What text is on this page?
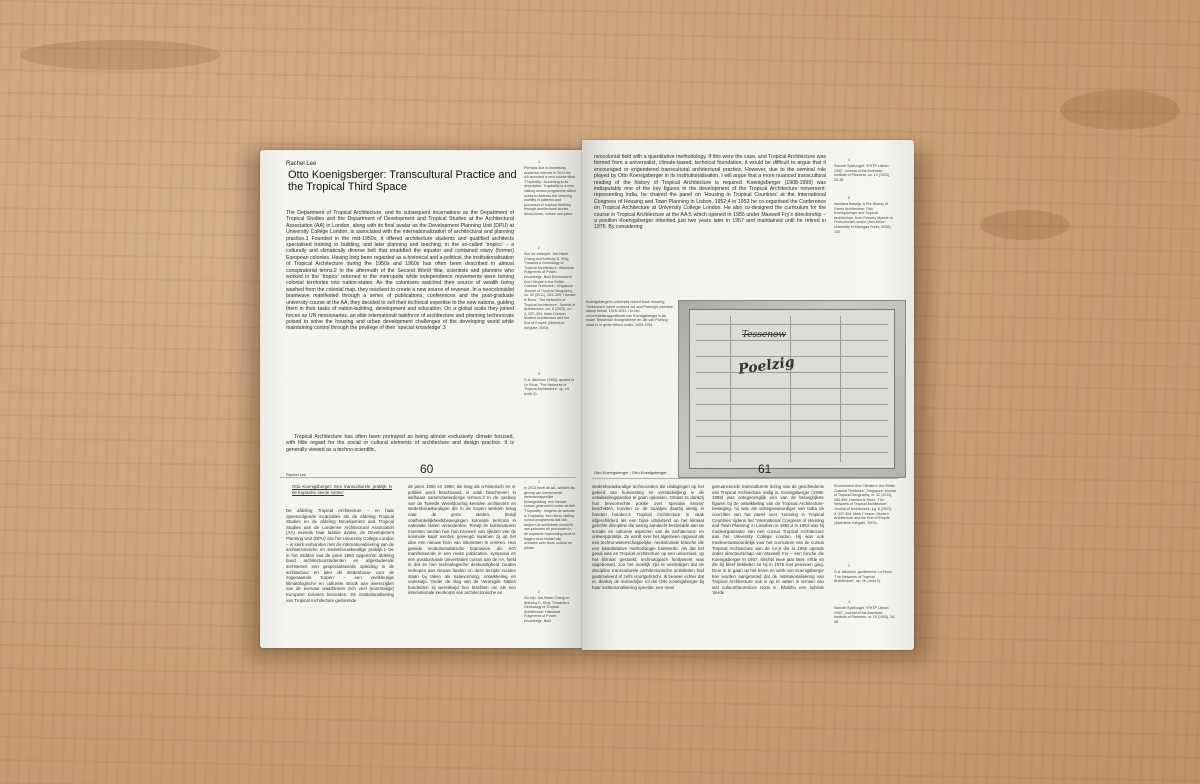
Rachel Lee
Otto Koenigsberger: Transcultural Practice and the Tropical Third Space
The Department of Tropical Architecture, and its subsequent incarnations as the Department of Tropical Studies and the Department of Development and Tropical Studies at the Architectural Association (AA) in London, along with its final avatar as the Development Planning Unit (DPU) at University College London, is associated with the internationalization of architectural and planning practice.1 Founded in the mid-1950s, it offered architecture students and qualified architects specialised training in building, and later planning and teaching, in the so-called ‘tropics’ – a culturally and climatically diverse belt that straddled the equator and contained many (former) European colonies. Having long been regarded as a-historical and a-political, the institutionalisation of Tropical Architecture during the 1950s and 1960s has often been described in almost conspiratorial terms.2 In the aftermath of the Second World War, scientists and planners who worked in the ‘tropics’ returned to the metropolis while independence movements were turning colonial territories into nation-states. As the colonisers watched their source of wealth being washed from the colonial map, they resolved to create a new source of revenue. In a neocolonialist brainwave manifested through a series of publications, conferences and the post-graduate university course at the AA, they decided to sell their technical expertise to the new nations, guiding them in their tasks of nation-building, development and education. On a global scale they joined forces as UN missionaries, an elite international taskforce of architecture and planning technocrats poised to solve the housing and urban development challenges of the developing world while maintaining control through the privilege of their ‘special knowledge’.3
Tropical Architecture has often been portrayed as being almost exclusively climate focused, with little regard for the social or cultural elements of architecture and design practice. It is generally viewed as a techno-scientific,
1
Perhaps due to increasing academic interest in 2012 the AA launched a new course titled ‘Tropicality’. According to its description, Tropicality is a new visiting school programme which seeks to address the seeming inability of patterns and processes in tropical dwelling through architectural stories about home, culture and place.
2
See for example: Jiat-Hwee Chang and Anthony D. King, ‘Towards a Genealogy of Tropical Architecture: Historical Fragments of Power-Knowledge, Built Environment And Climate in the British Colonial Territories’, Singapore Journal of Tropical Geography, no. 32 (2011), 283–300; Hannah le Roux, ‘The Networks of Tropical Architecture’, Journal of Architecture, vol. 8 (2003), no. 3, 337–354; Mark Crinson, Modern Architecture and the End of Empire (Aldershot: Ashgate, 2003).
3
G.A. Atkinson (1953), quoted in Le Roux, ‘The Networks of Tropical Architecture’, op. cit. (note 2).
60
Rachel Lee
Otto Koenigsberger: Een transculturele praktijk in de tropische ‘derde ruimte’
De afdeling Tropical Architecture – en haar opeenvolgende incarnaties als de afdeling Tropical Studies en de afdeling Development and Tropical Studies aan de Londense Architectural Association (AA) evenals haar laatste avatar, de Development Planning Unit (DPU) van het University College London – is sterk verbonden met de internationalisering van de architectonische en stedenbouwkundige praktijk.1 De in het midden van de jaren 1950 opgerichte afdeling bood architectuurstudenten en afgestudeerde architecten een gespecialiseerde opleiding in de architectuur en later de stedenbouw voor de zogenaamde ‘tropen’ – een veelkleurige klimatologische en culturele strook aan weerszijden van de evenaar waarbinnen zich veel (voormalige) Europese kolonies bevonden. De institutionalisering van Tropical Architecture gedurende
de jaren 1950 en 1960, die lang als a-historisch en a-politiek werd beschouwd, is vaak beschreven in welhaast samenzweerderige termen.2 In de nasleep van de Tweede Wereldoorlog keerden architecten en stedenbouwkundigen die in de tropen werkten terug naar de grote steden, terwijl onafhankelijkheidsbewegingen koloniale territoria in nationale staten veranderden. Terwijl de kolonisatoren moesten toezien hoe hun bronnen van rijkdom van de koloniale kaart werden geveegd, kwamen zij op het idee een nieuwe bron van inkomsten te creëren. Hun geniale neokolonialistische brainwave, die zich manifesteerde in een reeks publicaties, symposia en een postdoctorale universitaire cursus aan de AA, hield in dat ze hun technologische deskundigheid zouden verkopen aan nieuwe landen en deze terzijde zouden staan bij taken als natievorming, ontwikkeling en onderwijs. Onder de vlag van de Verenigde Naties bundelden zij wereldwijd hun krachten om als een internationale keurkorps van architectonische en
1
In 2013 heeft de AA, wellicht als gevolg van toenemende wetenschappelijke belangstelling, een nieuwe cursus gelanceerd onder de titel ‘Tropicality’. Volgens de website is Tropicality ‘een nieuw visiting school-programma dat zich beijvert de schijnbare onmacht van patronen en processen in de tropische huisvesting bloot te leggen door middel van verhalen over thuis, cultuur en plaats’.
2
Zie bijv. Jiat-Hwee Chang en Anthony D. King, ‘Towards a Genealogy of Tropical Architecture: Historical Fragments of Power-Knowledge, Built
neocolonial field with a quantitative methodology. If this were the case, and Tropical Architecture was formed from a universalist, climate-based, technical foundation, it would be difficult to argue that it encouraged or engendered transcultural architectural practice. However, due to the seminal role played by Otto Koenigsberger in its institutionalisation, I will argue that a more nuanced transcultural reading of the history of Tropical Architecture is required. Koenigsberger (1908-1999) was indisputably one of the key figures in the development of the Tropical Architecture movement: representing India, he chaired the panel on ‘Housing in Tropical Countries’ at the International Congress of Housing and Town Planning in Lisbon, 1952;4 in 1953 he co-organised the Conference on Tropical Architecture at University College London. He also co-designed the curriculum for the course in Tropical Architecture at the AA;5 which opened in 1955 under Maxwell Fry’s directorship – a position Koenigsberger inherited just two years later in 1957 and maintained until he retired in 1976. By considering
4
Samuel Spielvogel, ‘IFHTP Lisbon 1952’, Journal of the American Institute of Planners, no. 19 (1953), 34-38.
5
Vandana Baweja, A Pre-History of Green Architecture: Otto Koenigsberger and Tropical Architecture, from Princely Mysore to Postcolonial London (Ann Arbor: University of Michigan Press, 2008), 130.
Koenigsberger’s university record book showing Tessenow’s name crossed out and Poelzig’s oversize stamp below, 1929-1931. / In het universiteitsrapportboek van Koenigsberger is de naam Tessenow doorgestreept en die van Poelzig staat er in grote letters onder, 1929-1931.
Poelzig
Tessenow
61
Otto Koenigsberger / Otto Koenigsberger
stedenbouwkundige technocraten die uitdagingen op het gebied van huisvesting en verstedelijking in de ontwikkelingslanden te gaan oplossen. Omdat ze dankzij hun bevoorrechte positie over ‘speciale kennis’ beschikten, konden ze de touwtjes daarbij stevig in handen houden.3 Tropical Architecture is vaak afgeschilderd als een bijna uitsluitend op het klimaat gerichte discipline die weinig aandacht besteedde aan de sociale en culturele aspecten van de architectuur- en ontwerppraktijk. Ze wordt over het algemeen opgevat als een techno-wetenschappelijke, neokoloniale branche die een kwantitatieve methodologie hanteerde. Als dat het geval was en Tropical Architecture op een universeel, op het klimaat gestoeld, technologisch fundament was opgebouwd, zou het moeilijk zijn te verdedigen dat de discipline transculturele architectonische activiteiten had gestimuleerd of zelfs voortgebracht. Ik beweer echter dat er, dankzij de invloedrijke rol die Otto Koenigsberger bij haar institutionalisering speelde, een meer
genuanceerde transculturele lezing van de geschiedenis van Tropical Architecture nodig is. Koenigsberger (1908-1999) was ontegenzeglijk een van de belangrijkste figuren bij de ontwikkeling van de Tropical Architecture-beweging: hij was als vertegenwoordiger van India de voorzitter van het panel over ‘Housing in Tropical Countries’ tijdens het ‘International Congress of Housing and Town Planning’ in Lissabon in 1952;4 in 1953 was hij medeorganisator van een cursus Tropical Architecture aan het University College London. Hij was ook medeverantwoordelijk voor het curriculum van de cursus Tropical Architecture aan de AA,5 die in 1955 opende onder directeurschap van Maxwell Fry – een functie die Koenigsberger in 1957, slechts twee jaar later, erfde en die hij bleef bekleden tot hij in 1976 met pensioen ging. Door in te gaan op het leven en werk van Koenigsberger kan worden aangetoond dat de institutionalisering van Tropical Architecture ook is op te vatten in termen van wat cultuurtheoreticus Homi K. Bhabha een hybride ‘derde
Environment And Climate in the British Colonial Territories’, Singapore Journal of Tropical Geography, nr. 32 (2011), 283-300; Hannah le Roux, ‘The Networks of Tropical Architecture’, Journal of Architecture, jrg. 8 (2003), 3, 337-354; Mark Crinson, Modern Architecture and the End of Empire (Aldershot: Ashgate, 2003).
3
G.A. Atkinson, geciteerd in: Le Roux, ‘The Networks of Tropical Architecture’, op. cit. (noot 2).
4
Samuel Spielvogel, ‘IFHTP Lisbon 1952’, Journal of the American Institute of Planners, nr. 19 (1953), 34-38.
